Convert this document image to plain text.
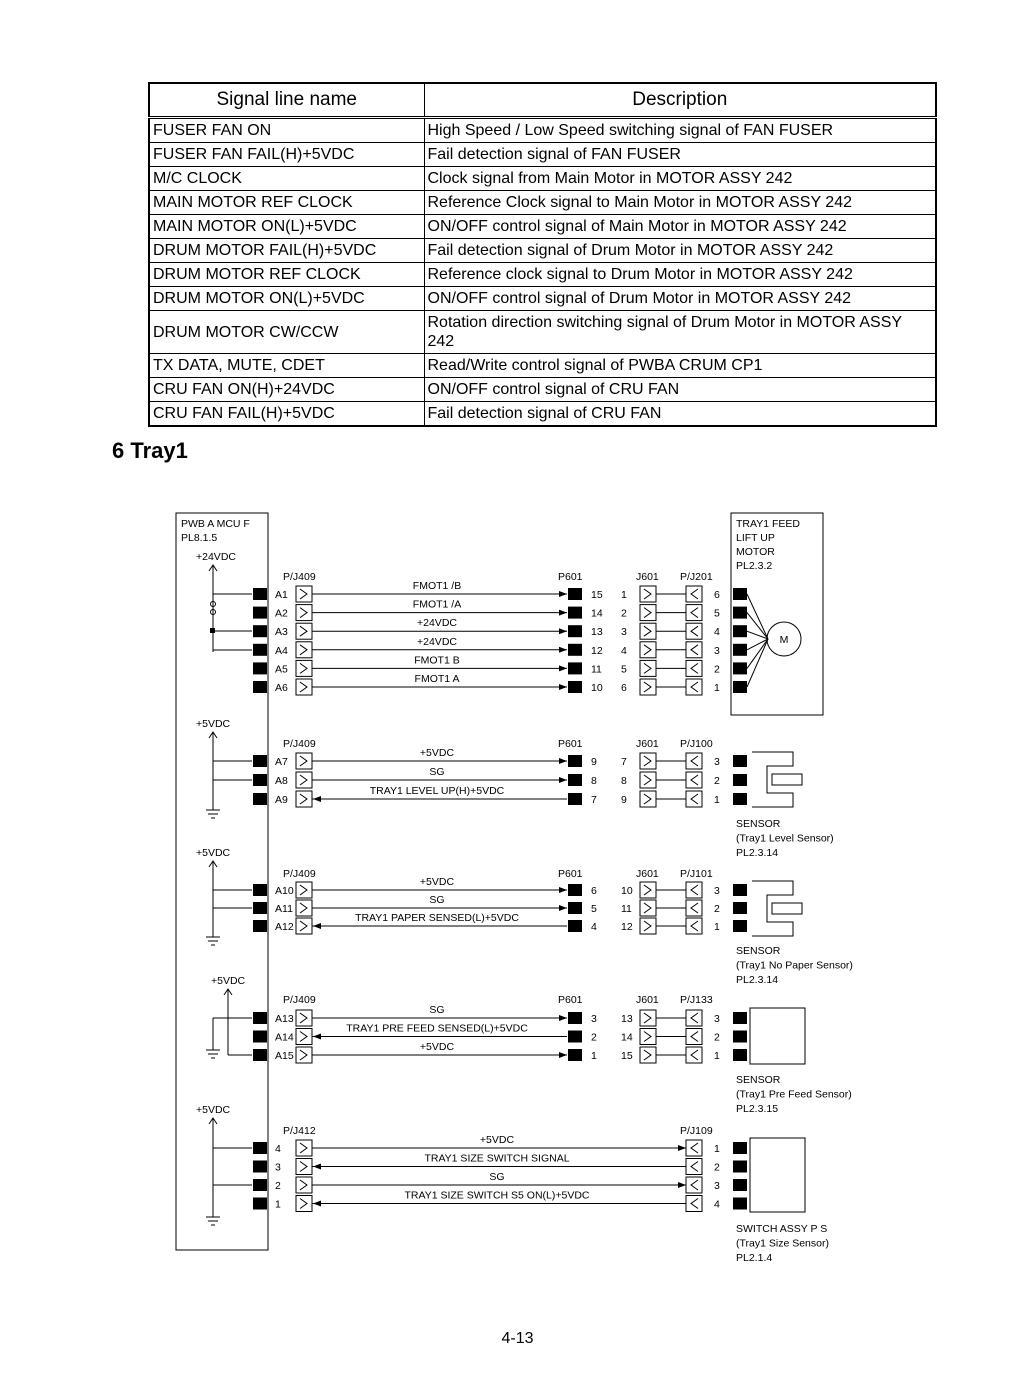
Signal line name	Description
FUSER FAN ON	High Speed / Low Speed switching signal of FAN FUSER
FUSER FAN FAIL(H)+5VDC	Fail detection signal of FAN FUSER
M/C CLOCK	Clock signal from Main Motor in MOTOR ASSY 242
MAIN MOTOR REF CLOCK	Reference Clock signal to Main Motor in MOTOR ASSY 242
MAIN MOTOR ON(L)+5VDC	ON/OFF control signal of Main Motor in MOTOR ASSY 242
DRUM MOTOR FAIL(H)+5VDC	Fail detection signal of Drum Motor in MOTOR ASSY 242
DRUM MOTOR REF CLOCK	Reference clock signal to Drum Motor in MOTOR ASSY 242
DRUM MOTOR ON(L)+5VDC	ON/OFF control signal of Drum Motor in MOTOR ASSY 242
DRUM MOTOR CW/CCW	Rotation direction switching signal of Drum Motor in MOTOR ASSY 242
TX DATA, MUTE, CDET	Read/Write control signal of PWBA CRUM CP1
CRU FAN ON(H)+24VDC	ON/OFF control signal of CRU FAN
CRU FAN FAIL(H)+5VDC	Fail detection signal of CRU FAN
6 Tray1
PWB A MCU F
PL8.1.5
+24VDC
P/J409	P601	J601 P/J201
A1
FMOT1 /B
15 1	6
A2
FMOT1 /A
14 2	5
A3
+24VDC
13 3	4
A4
+24VDC
12 4	3
A5
FMOT1 B
11 5	2
A6
FMOT1 A
10 6	1
TRAY1 FEED
LIFT UP
MOTOR
PL2.3.2
M
+5VDC
P/J409	P601	J601 P/J100
A7
+5VDC
9 7	3
A8
SG
8 8	2
A9
TRAY1 LEVEL UP(H)+5VDC
7 9	1
SENSOR
(Tray1 Level Sensor)
PL2.3.14
+5VDC
P/J409	P601	J601 P/J101
A10
+5VDC
6 10	3
A11
SG
5 11	2
A12
TRAY1 PAPER SENSED(L)+5VDC
4 12	1
SENSOR
(Tray1 No Paper Sensor)
PL2.3.14
+5VDC
P/J409	P601	J601 P/J133
A13
SG
3 13	3
A14
TRAY1 PRE FEED SENSED(L)+5VDC
2 14	2
A15
+5VDC
1 15	1
SENSOR
(Tray1 Pre Feed Sensor)
PL2.3.15
+5VDC
P/J412	P/J109
4
+5VDC
1
3
TRAY1 SIZE SWITCH SIGNAL
2
2
SG
3
1
TRAY1 SIZE SWITCH S5 ON(L)+5VDC
4
SWITCH ASSY P S
(Tray1 Size Sensor)
PL2.1.4
4-13
